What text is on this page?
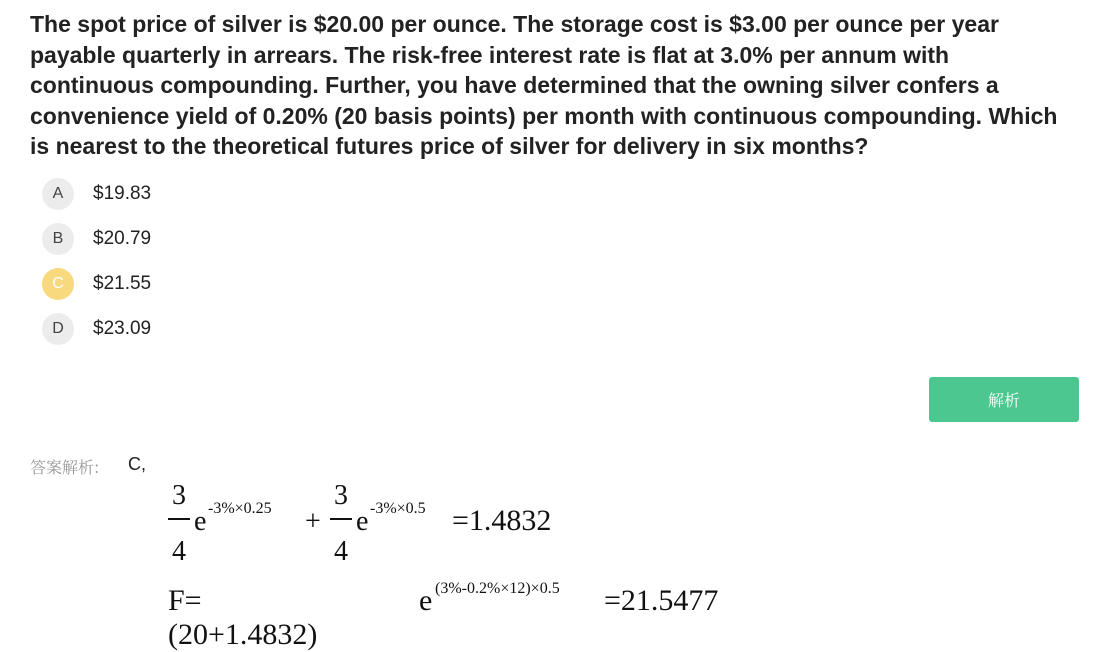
The spot price of silver is $20.00 per ounce. The storage cost is $3.00 per ounce per year payable quarterly in arrears. The risk-free interest rate is flat at 3.0% per annum with continuous compounding. Further, you have determined that the owning silver confers a convenience yield of 0.20% (20 basis points) per month with continuous compounding. Which is nearest to the theoretical futures price of silver for delivery in six months?
A	$19.83
B	$20.79
C	$21.55
D	$23.09
解析
答案解析: C,
3
4
e -3%×0.25 +
3
4
e -3%×0.5 =1.4832
F= (20+1.4832)
e (3%-0.2%×12)×0.5 =21.5477
